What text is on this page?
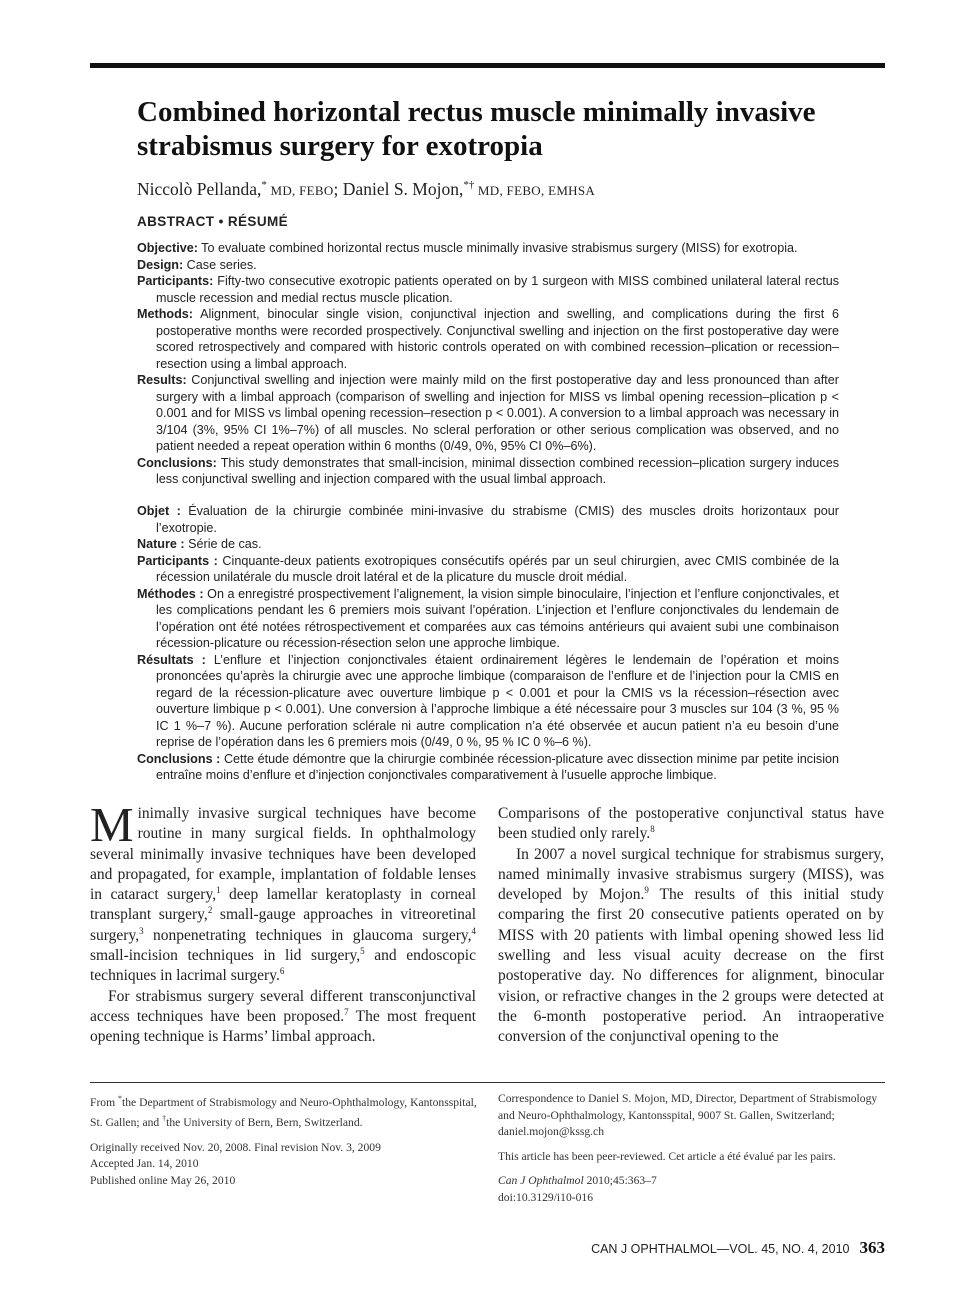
Combined horizontal rectus muscle minimally invasive strabismus surgery for exotropia
Niccolò Pellanda,* MD, FEBO; Daniel S. Mojon,*† MD, FEBO, EMHSA
ABSTRACT • RÉSUMÉ

Objective: To evaluate combined horizontal rectus muscle minimally invasive strabismus surgery (MISS) for exotropia.

Design: Case series.

Participants: Fifty-two consecutive exotropic patients operated on by 1 surgeon with MISS combined unilateral lateral rectus muscle recession and medial rectus muscle plication.

Methods: Alignment, binocular single vision, conjunctival injection and swelling, and complications during the first 6 postoperative months were recorded prospectively. Conjunctival swelling and injection on the first postoperative day were scored retrospectively and compared with historic controls operated on with combined recession–plication or recession–resection using a limbal approach.

Results: Conjunctival swelling and injection were mainly mild on the first postoperative day and less pronounced than after surgery with a limbal approach (comparison of swelling and injection for MISS vs limbal opening recession–plication p < 0.001 and for MISS vs limbal opening recession–resection p < 0.001). A conversion to a limbal approach was necessary in 3/104 (3%, 95% CI 1%–7%) of all muscles. No scleral perforation or other serious complication was observed, and no patient needed a repeat operation within 6 months (0/49, 0%, 95% CI 0%–6%).

Conclusions: This study demonstrates that small-incision, minimal dissection combined recession–plication surgery induces less conjunctival swelling and injection compared with the usual limbal approach.

Objet : Évaluation de la chirurgie combinée mini-invasive du strabisme (CMIS) des muscles droits horizontaux pour l’exotropie.

Nature : Série de cas.

Participants : Cinquante-deux patients exotropiques consécutifs opérés par un seul chirurgien, avec CMIS combinée de la récession unilatérale du muscle droit latéral et de la plicature du muscle droit médial.

Méthodes : On a enregistré prospectivement l’alignement, la vision simple binoculaire, l’injection et l’enflure conjonctivales, et les complications pendant les 6 premiers mois suivant l’opération. L’injection et l’enflure conjonctivales du lendemain de l’opération ont été notées rétrospectivement et comparées aux cas témoins antérieurs qui avaient subi une combinaison récession-plicature ou récession-résection selon une approche limbique.

Résultats : L’enflure et l’injection conjonctivales étaient ordinairement légères le lendemain de l’opération et moins prononcées qu’après la chirurgie avec une approche limbique (comparaison de l’enflure et de l’injection pour la CMIS en regard de la récession-plicature avec ouverture limbique p < 0.001 et pour la CMIS vs la récession–résection avec ouverture limbique p < 0.001). Une conversion à l’approche limbique a été nécessaire pour 3 muscles sur 104 (3 %, 95 % IC 1 %–7 %). Aucune perforation sclérale ni autre complication n’a été observée et aucun patient n’a eu besoin d’une reprise de l’opération dans les 6 premiers mois (0/49, 0 %, 95 % IC 0 %–6 %).

Conclusions : Cette étude démontre que la chirurgie combinée récession-plicature avec dissection minime par petite incision entraîne moins d’enflure et d’injection conjonctivales comparativement à l’usuelle approche limbique.

Minimally invasive surgical techniques have become routine in many surgical fields. In ophthalmology several minimally invasive techniques have been developed and propagated, for example, implantation of foldable lenses in cataract surgery,$^1$ deep lamellar keratoplasty in corneal transplant surgery,$^2$ small-gauge approaches in vitreoretinal surgery,$^3$ nonpenetrating techniques in glaucoma surgery,$^4$ small-incision techniques in lid surgery,$^5$ and endoscopic techniques in lacrimal surgery.$^6$

For strabismus surgery several different transconjunctival access techniques have been proposed.$^7$ The most frequent opening technique is Harms’ limbal approach.

Comparisons of the postoperative conjunctival status have been studied only rarely.$^8$

In 2007 a novel surgical technique for strabismus surgery, named minimally invasive strabismus surgery (MISS), was developed by Mojon.$^9$ The results of this initial study comparing the first 20 consecutive patients operated on by MISS with 20 patients with limbal opening showed less lid swelling and less visual acuity decrease on the first postoperative day. No differences for alignment, binocular vision, or refractive changes in the 2 groups were detected at the 6-month postoperative period. An intraoperative conversion of the conjunctival opening to the

From *the Department of Strabismology and Neuro-Ophthalmology, Kantonsspital, St. Gallen; and †the University of Bern, Bern, Switzerland.

Originally received Nov. 20, 2008. Final revision Nov. 3, 2009

Accepted Jan. 14, 2010

Published online May 26, 2010

Correspondence to Daniel S. Mojon, MD, Director, Department of Strabismology and Neuro-Ophthalmology, Kantonsspital, 9007 St. Gallen, Switzerland; daniel.mojon@kssg.ch

This article has been peer-reviewed. Cet article a été évalué par les pairs.

Can J Ophthalmol 2010;45:363–7

doi:10.3129/i10-016

CAN J OPHTHALMOL—VOL. 45, NO. 4, 2010 363
